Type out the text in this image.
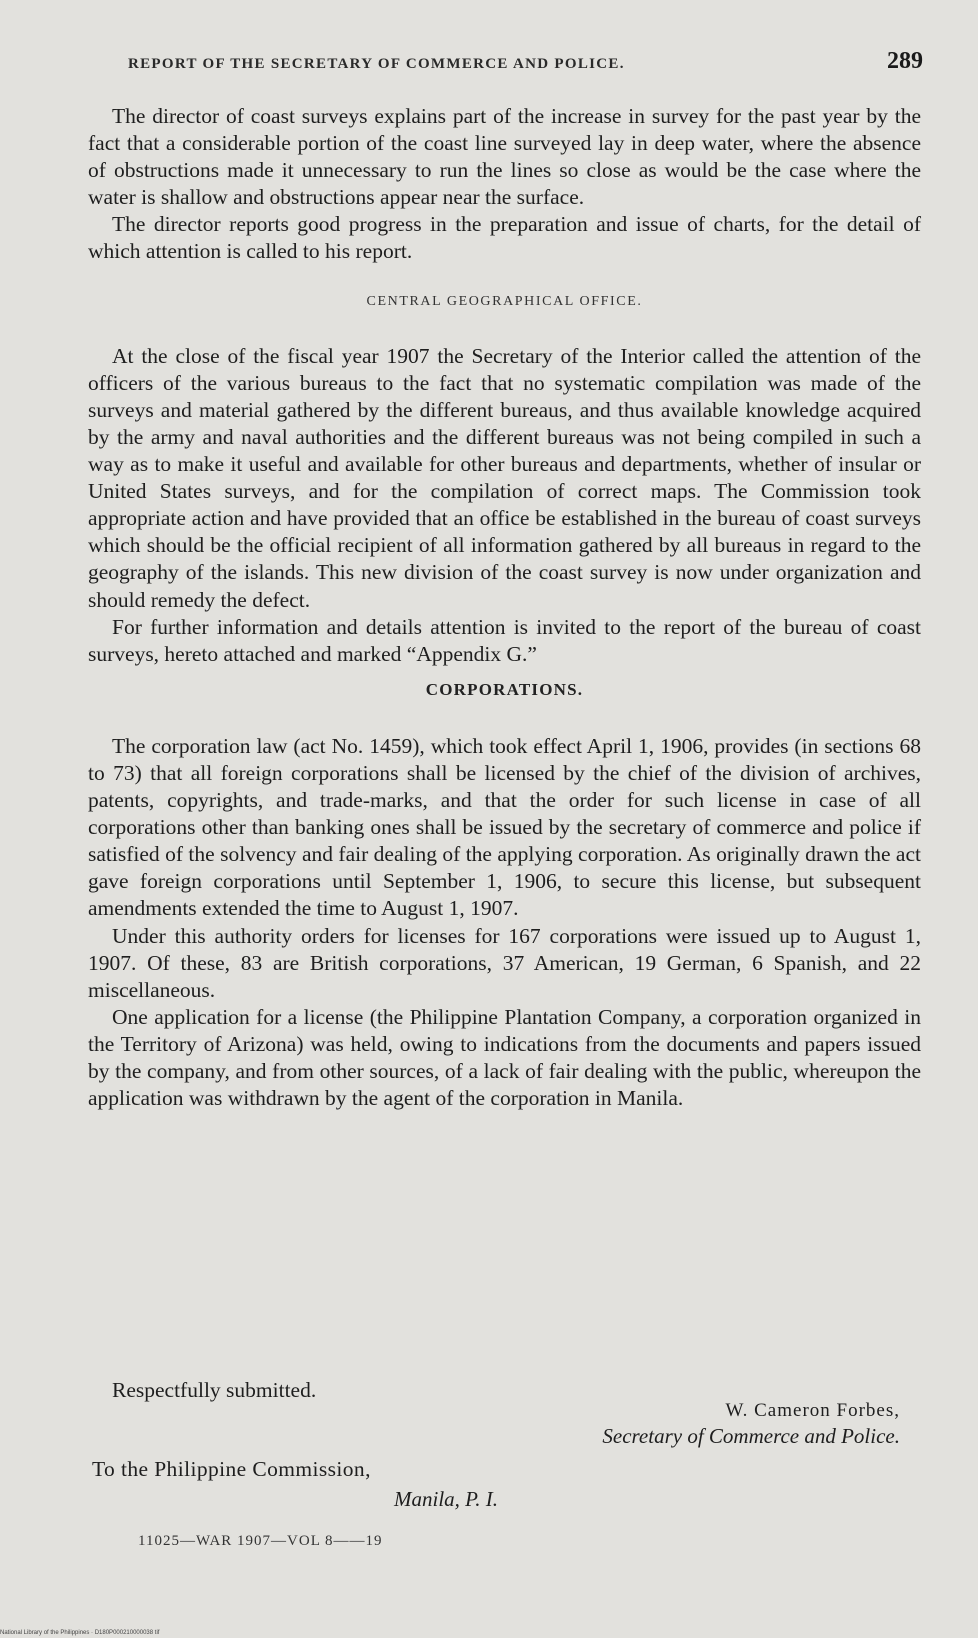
REPORT OF THE SECRETARY OF COMMERCE AND POLICE.	289

The director of coast surveys explains part of the increase in survey for the past year by the fact that a considerable portion of the coast line surveyed lay in deep water, where the absence of obstructions made it unnecessary to run the lines so close as would be the case where the water is shallow and obstructions appear near the surface.

The director reports good progress in the preparation and issue of charts, for the detail of which attention is called to his report.

CENTRAL GEOGRAPHICAL OFFICE.

At the close of the fiscal year 1907 the Secretary of the Interior called the attention of the officers of the various bureaus to the fact that no systematic compilation was made of the surveys and material gathered by the different bureaus, and thus available knowledge acquired by the army and naval authorities and the different bureaus was not being compiled in such a way as to make it useful and available for other bureaus and departments, whether of insular or United States surveys, and for the compilation of correct maps. The Commission took appropriate action and have provided that an office be established in the bureau of coast surveys which should be the official recipient of all information gathered by all bureaus in regard to the geography of the islands. This new division of the coast survey is now under organization and should remedy the defect.

For further information and details attention is invited to the report of the bureau of coast surveys, hereto attached and marked “Appendix G.”

CORPORATIONS.

The corporation law (act No. 1459), which took effect April 1, 1906, provides (in sections 68 to 73) that all foreign corporations shall be licensed by the chief of the division of archives, patents, copyrights, and trade-marks, and that the order for such license in case of all corporations other than banking ones shall be issued by the secretary of commerce and police if satisfied of the solvency and fair dealing of the applying corporation. As originally drawn the act gave foreign corporations until September 1, 1906, to secure this license, but subsequent amendments extended the time to August 1, 1907.

Under this authority orders for licenses for 167 corporations were issued up to August 1, 1907. Of these, 83 are British corporations, 37 American, 19 German, 6 Spanish, and 22 miscellaneous.

One application for a license (the Philippine Plantation Company, a corporation organized in the Territory of Arizona) was held, owing to indications from the documents and papers issued by the company, and from other sources, of a lack of fair dealing with the public, whereupon the application was withdrawn by the agent of the corporation in Manila.

Respectfully submitted.
W. Cameron Forbes,
Secretary of Commerce and Police.
To the Philippine Commission,
Manila, P. I.
11025—WAR 1907—VOL 8——19
National Library of the Philippines · D180P000210000038 tif
